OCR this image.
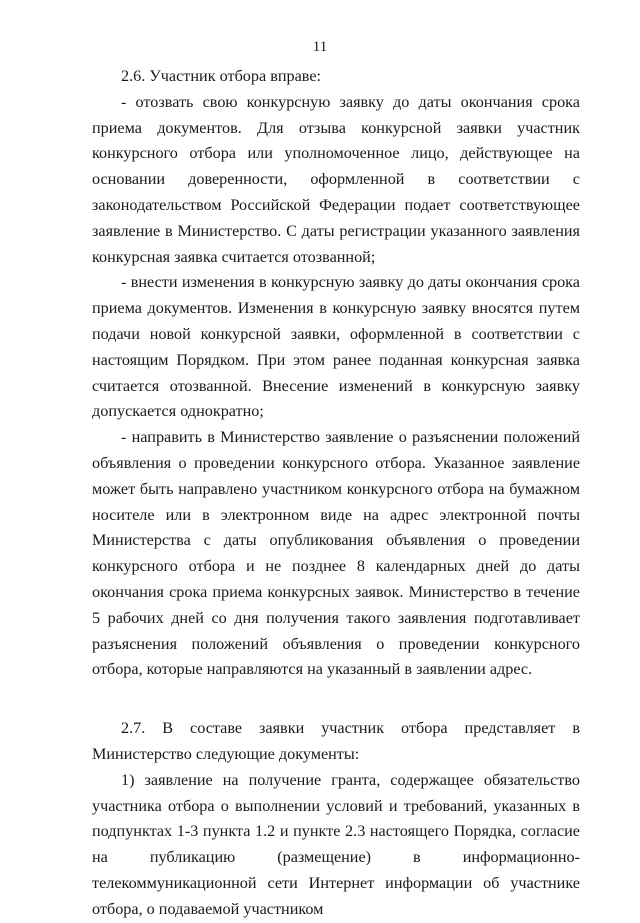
11

2.6. Участник отбора вправе:

- отозвать свою конкурсную заявку до даты окончания срока приема документов. Для отзыва конкурсной заявки участник конкурсного отбора или уполномоченное лицо, действующее на основании доверенности, оформленной в соответствии с законодательством Российской Федерации подает соответствующее заявление в Министерство. С даты регистрации указанного заявления конкурсная заявка считается отозванной;

- внести изменения в конкурсную заявку до даты окончания срока приема документов. Изменения в конкурсную заявку вносятся путем подачи новой конкурсной заявки, оформленной в соответствии с настоящим Порядком. При этом ранее поданная конкурсная заявка считается отозванной. Внесение изменений в конкурсную заявку допускается однократно;

- направить в Министерство заявление о разъяснении положений объявления о проведении конкурсного отбора. Указанное заявление может быть направлено участником конкурсного отбора на бумажном носителе или в электронном виде на адрес электронной почты Министерства с даты опубликования объявления о проведении конкурсного отбора и не позднее 8 календарных дней до даты окончания срока приема конкурсных заявок. Министерство в течение 5 рабочих дней со дня получения такого заявления подготавливает разъяснения положений объявления о проведении конкурсного отбора, которые направляются на указанный в заявлении адрес.

2.7. В составе заявки участник отбора представляет в Министерство следующие документы:

1) заявление на получение гранта, содержащее обязательство участника отбора о выполнении условий и требований, указанных в подпунктах 1-3 пункта 1.2 и пункте 2.3 настоящего Порядка, согласие на публикацию (размещение) в информационно-телекоммуникационной сети Интернет информации об участнике отбора, о подаваемой участником
